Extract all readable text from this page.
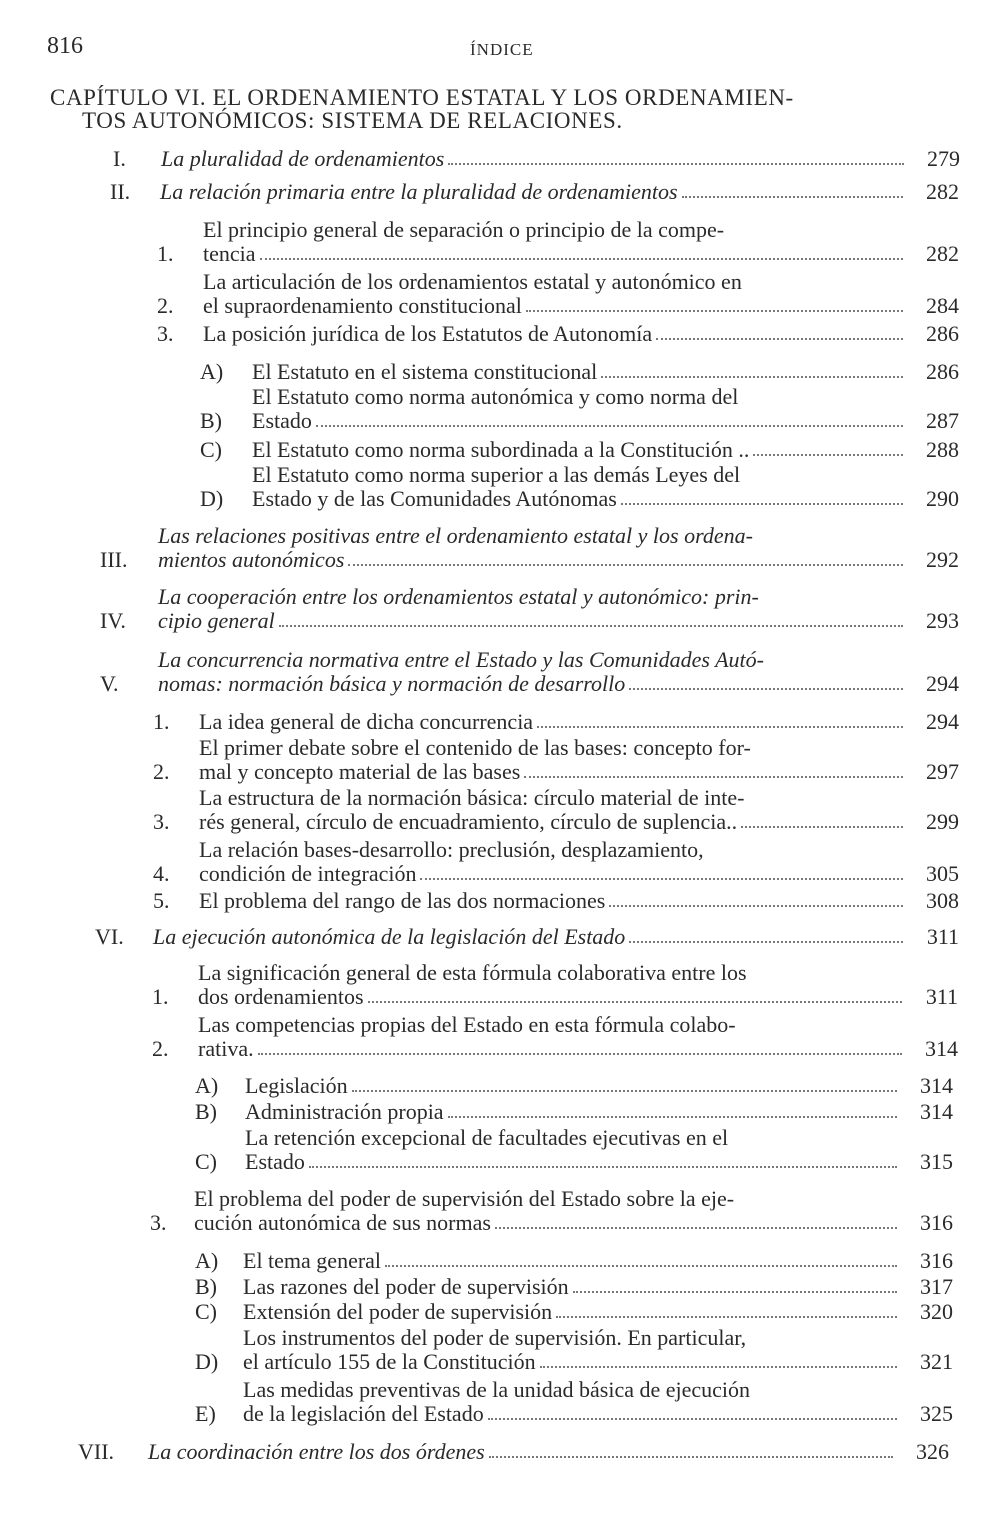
816	ÍNDICE
CAPÍTULO VI. EL ORDENAMIENTO ESTATAL Y LOS ORDENAMIEN-
TOS AUTONÓMICOS: SISTEMA DE RELACIONES.
I.	La pluralidad de ordenamientos	279
II.	La relación primaria entre la pluralidad de ordenamientos	282
1.
El principio general de separación o principio de la compe-
tencia	282
2.
La articulación de los ordenamientos estatal y autonómico en
el supraordenamiento constitucional	284
3.	La posición jurídica de los Estatutos de Autonomía	286
A)	El Estatuto en el sistema constitucional	286
B)
El Estatuto como norma autonómica y como norma del
Estado	287
C)	El Estatuto como norma subordinada a la Constitución ..	288
D)
El Estatuto como norma superior a las demás Leyes del
Estado y de las Comunidades Autónomas	290
III.
Las relaciones positivas entre el ordenamiento estatal y los ordena-
mientos autonómicos	292
IV.
La cooperación entre los ordenamientos estatal y autonómico: prin-
cipio general	293
V.
La concurrencia normativa entre el Estado y las Comunidades Autó-
nomas: normación básica y normación de desarrollo	294
1.	La idea general de dicha concurrencia	294
2.
El primer debate sobre el contenido de las bases: concepto for-
mal y concepto material de las bases	297
3.
La estructura de la normación básica: círculo material de inte-
rés general, círculo de encuadramiento, círculo de suplencia..	299
4.
La relación bases-desarrollo: preclusión, desplazamiento,
condición de integración	305
5.	El problema del rango de las dos normaciones	308
VI.	La ejecución autonómica de la legislación del Estado	311
1.
La significación general de esta fórmula colaborativa entre los
dos ordenamientos	311
2.
Las competencias propias del Estado en esta fórmula colabo-
rativa.	314
A)	Legislación	314
B)	Administración propia	314
C)
La retención excepcional de facultades ejecutivas en el
Estado	315
3.
El problema del poder de supervisión del Estado sobre la eje-
cución autonómica de sus normas	316
A)	El tema general	316
B)	Las razones del poder de supervisión	317
C)	Extensión del poder de supervisión	320
D)
Los instrumentos del poder de supervisión. En particular,
el artículo 155 de la Constitución	321
E)
Las medidas preventivas de la unidad básica de ejecución
de la legislación del Estado	325
VII.	La coordinación entre los dos órdenes	326
